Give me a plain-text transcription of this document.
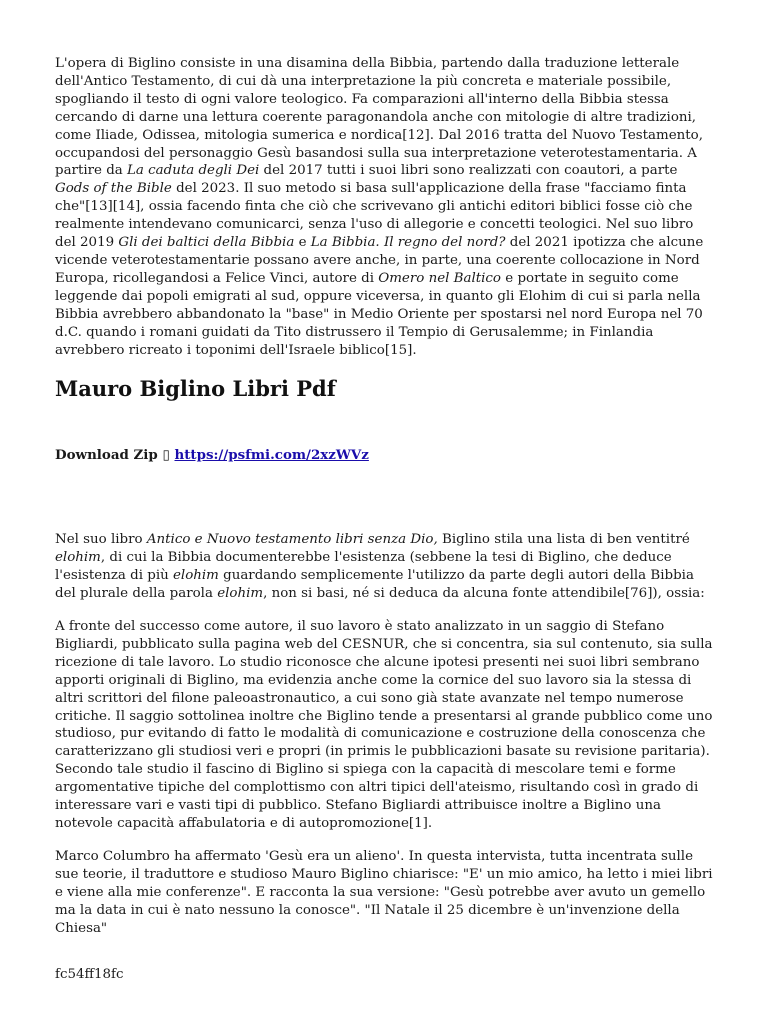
L'opera di Biglino consiste in una disamina della Bibbia, partendo dalla traduzione letterale dell'Antico Testamento, di cui dà una interpretazione la più concreta e materiale possibile, spogliando il testo di ogni valore teologico. Fa comparazioni all'interno della Bibbia stessa cercando di darne una lettura coerente paragonandola anche con mitologie di altre tradizioni, come Iliade, Odissea, mitologia sumerica e nordica[12]. Dal 2016 tratta del Nuovo Testamento, occupandosi del personaggio Gesù basandosi sulla sua interpretazione veterotestamentaria. A partire da La caduta degli Dei del 2017 tutti i suoi libri sono realizzati con coautori, a parte Gods of the Bible del 2023. Il suo metodo si basa sull'applicazione della frase "facciamo finta che"[13][14], ossia facendo finta che ciò che scrivevano gli antichi editori biblici fosse ciò che realmente intendevano comunicarci, senza l'uso di allegorie e concetti teologici. Nel suo libro del 2019 Gli dei baltici della Bibbia e La Bibbia. Il regno del nord? del 2021 ipotizza che alcune vicende veterotestamentarie possano avere anche, in parte, una coerente collocazione in Nord Europa, ricollegandosi a Felice Vinci, autore di Omero nel Baltico e portate in seguito come leggende dai popoli emigrati al sud, oppure viceversa, in quanto gli Elohim di cui si parla nella Bibbia avrebbero abbandonato la "base" in Medio Oriente per spostarsi nel nord Europa nel 70 d.C. quando i romani guidati da Tito distrussero il Tempio di Gerusalemme; in Finlandia avrebbero ricreato i toponimi dell'Israele biblico[15].

Mauro Biglino Libri Pdf
Download Zip ▯ https://psfmi.com/2xzWVz

Nel suo libro Antico e Nuovo testamento libri senza Dio, Biglino stila una lista di ben ventitré elohim, di cui la Bibbia documenterebbe l'esistenza (sebbene la tesi di Biglino, che deduce l'esistenza di più elohim guardando semplicemente l'utilizzo da parte degli autori della Bibbia del plurale della parola elohim, non si basi, né si deduca da alcuna fonte attendibile[76]), ossia:

A fronte del successo come autore, il suo lavoro è stato analizzato in un saggio di Stefano Bigliardi, pubblicato sulla pagina web del CESNUR, che si concentra, sia sul contenuto, sia sulla ricezione di tale lavoro. Lo studio riconosce che alcune ipotesi presenti nei suoi libri sembrano apporti originali di Biglino, ma evidenzia anche come la cornice del suo lavoro sia la stessa di altri scrittori del filone paleoastronautico, a cui sono già state avanzate nel tempo numerose critiche. Il saggio sottolinea inoltre che Biglino tende a presentarsi al grande pubblico come uno studioso, pur evitando di fatto le modalità di comunicazione e costruzione della conoscenza che caratterizzano gli studiosi veri e propri (in primis le pubblicazioni basate su revisione paritaria). Secondo tale studio il fascino di Biglino si spiega con la capacità di mescolare temi e forme argomentative tipiche del complottismo con altri tipici dell'ateismo, risultando così in grado di interessare vari e vasti tipi di pubblico. Stefano Bigliardi attribuisce inoltre a Biglino una notevole capacità affabulatoria e di autopromozione[1].

Marco Columbro ha affermato 'Gesù era un alieno'. In questa intervista, tutta incentrata sulle sue teorie, il traduttore e studioso Mauro Biglino chiarisce: "E' un mio amico, ha letto i miei libri e viene alla mie conferenze". E racconta la sua versione: "Gesù potrebbe aver avuto un gemello ma la data in cui è nato nessuno la conosce". "Il Natale il 25 dicembre è un'invenzione della Chiesa"

fc54ff18fc
